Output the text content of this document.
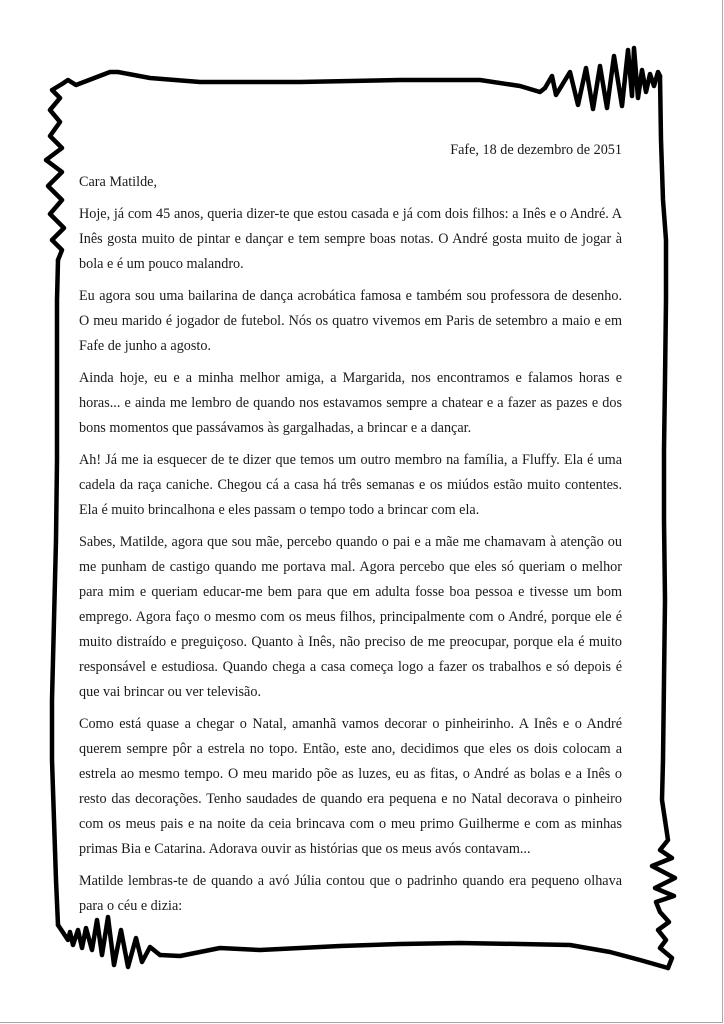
Fafe, 18 de dezembro de 2051

Cara Matilde,

Hoje, já com 45 anos, queria dizer-te que estou casada e já com dois filhos: a Inês e o André. A Inês gosta muito de pintar e dançar e tem sempre boas notas. O André gosta muito de jogar à bola e é um pouco malandro.

Eu agora sou uma bailarina de dança acrobática famosa e também sou professora de desenho. O meu marido é jogador de futebol. Nós os quatro vivemos em Paris de setembro a maio e em Fafe de junho a agosto.

Ainda hoje, eu e a minha melhor amiga, a Margarida, nos encontramos e falamos horas e horas... e ainda me lembro de quando nos estavamos sempre a chatear e a fazer as pazes e dos bons momentos que passávamos às gargalhadas, a brincar e a dançar.

Ah! Já me ia esquecer de te dizer que temos um outro membro na família, a Fluffy. Ela é uma cadela da raça caniche. Chegou cá a casa há três semanas e os miúdos estão muito contentes. Ela é muito brincalhona e eles passam o tempo todo a brincar com ela.

Sabes, Matilde, agora que sou mãe, percebo quando o pai e a mãe me chamavam à atenção ou me punham de castigo quando me portava mal. Agora percebo que eles só queriam o melhor para mim e queriam educar-me bem para que em adulta fosse boa pessoa e tivesse um bom emprego. Agora faço o mesmo com os meus filhos, principalmente com o André, porque ele é muito distraído e preguiçoso. Quanto à Inês, não preciso de me preocupar, porque ela é muito responsável e estudiosa. Quando chega a casa começa logo a fazer os trabalhos e só depois é que vai brincar ou ver televisão.

Como está quase a chegar o Natal, amanhã vamos decorar o pinheirinho. A Inês e o André querem sempre pôr a estrela no topo. Então, este ano, decidimos que eles os dois colocam a estrela ao mesmo tempo. O meu marido põe as luzes, eu as fitas, o André as bolas e a Inês o resto das decorações. Tenho saudades de quando era pequena e no Natal decorava o pinheiro com os meus pais e na noite da ceia brincava com o meu primo Guilherme e com as minhas primas Bia e Catarina. Adorava ouvir as histórias que os meus avós contavam...

Matilde lembras-te de quando a avó Júlia contou que o padrinho quando era pequeno olhava para o céu e dizia:
